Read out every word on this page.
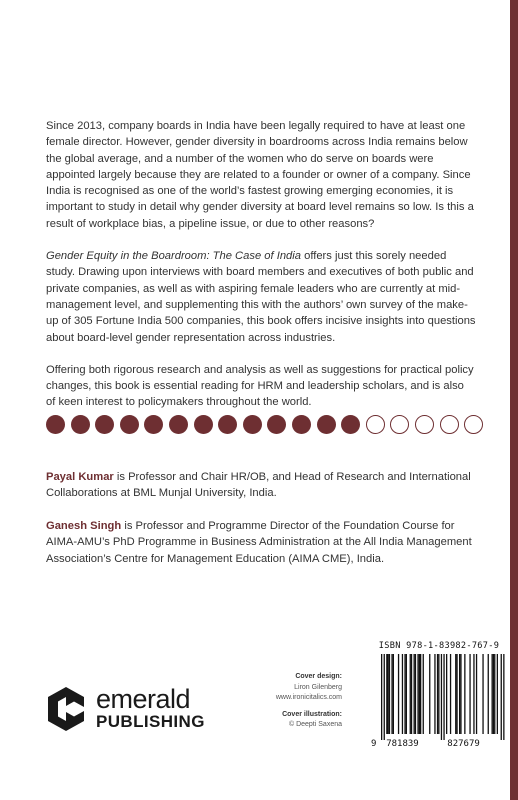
Since 2013, company boards in India have been legally required to have at least one female director. However, gender diversity in boardrooms across India remains below the global average, and a number of the women who do serve on boards were appointed largely because they are related to a founder or owner of a company. Since India is recognised as one of the world’s fastest growing emerging economies, it is important to study in detail why gender diversity at board level remains so low. Is this a result of workplace bias, a pipeline issue, or due to other reasons?

Gender Equity in the Boardroom: The Case of India offers just this sorely needed study. Drawing upon interviews with board members and executives of both public and private companies, as well as with aspiring female leaders who are currently at mid-management level, and supplementing this with the authors’ own survey of the make-up of 305 Fortune India 500 companies, this book offers incisive insights into questions about board-level gender representation across industries.

Offering both rigorous research and analysis as well as suggestions for practical policy changes, this book is essential reading for HRM and leadership scholars, and is also of keen interest to policymakers throughout the world.

Payal Kumar is Professor and Chair HR/OB, and Head of Research and International Collaborations at BML Munjal University, India.
Ganesh Singh is Professor and Programme Director of the Foundation Course for AIMA-AMU’s PhD Programme in Business Administration at the All India Management Association’s Centre for Management Education (AIMA CME), India.
emerald
PUBLISHING
Cover design:
Liron Gilenberg
www.ironicitalics.com
Cover illustration:
© Deepti Saxena
ISBN 978-1-83982-767-9
9 781839	827679
